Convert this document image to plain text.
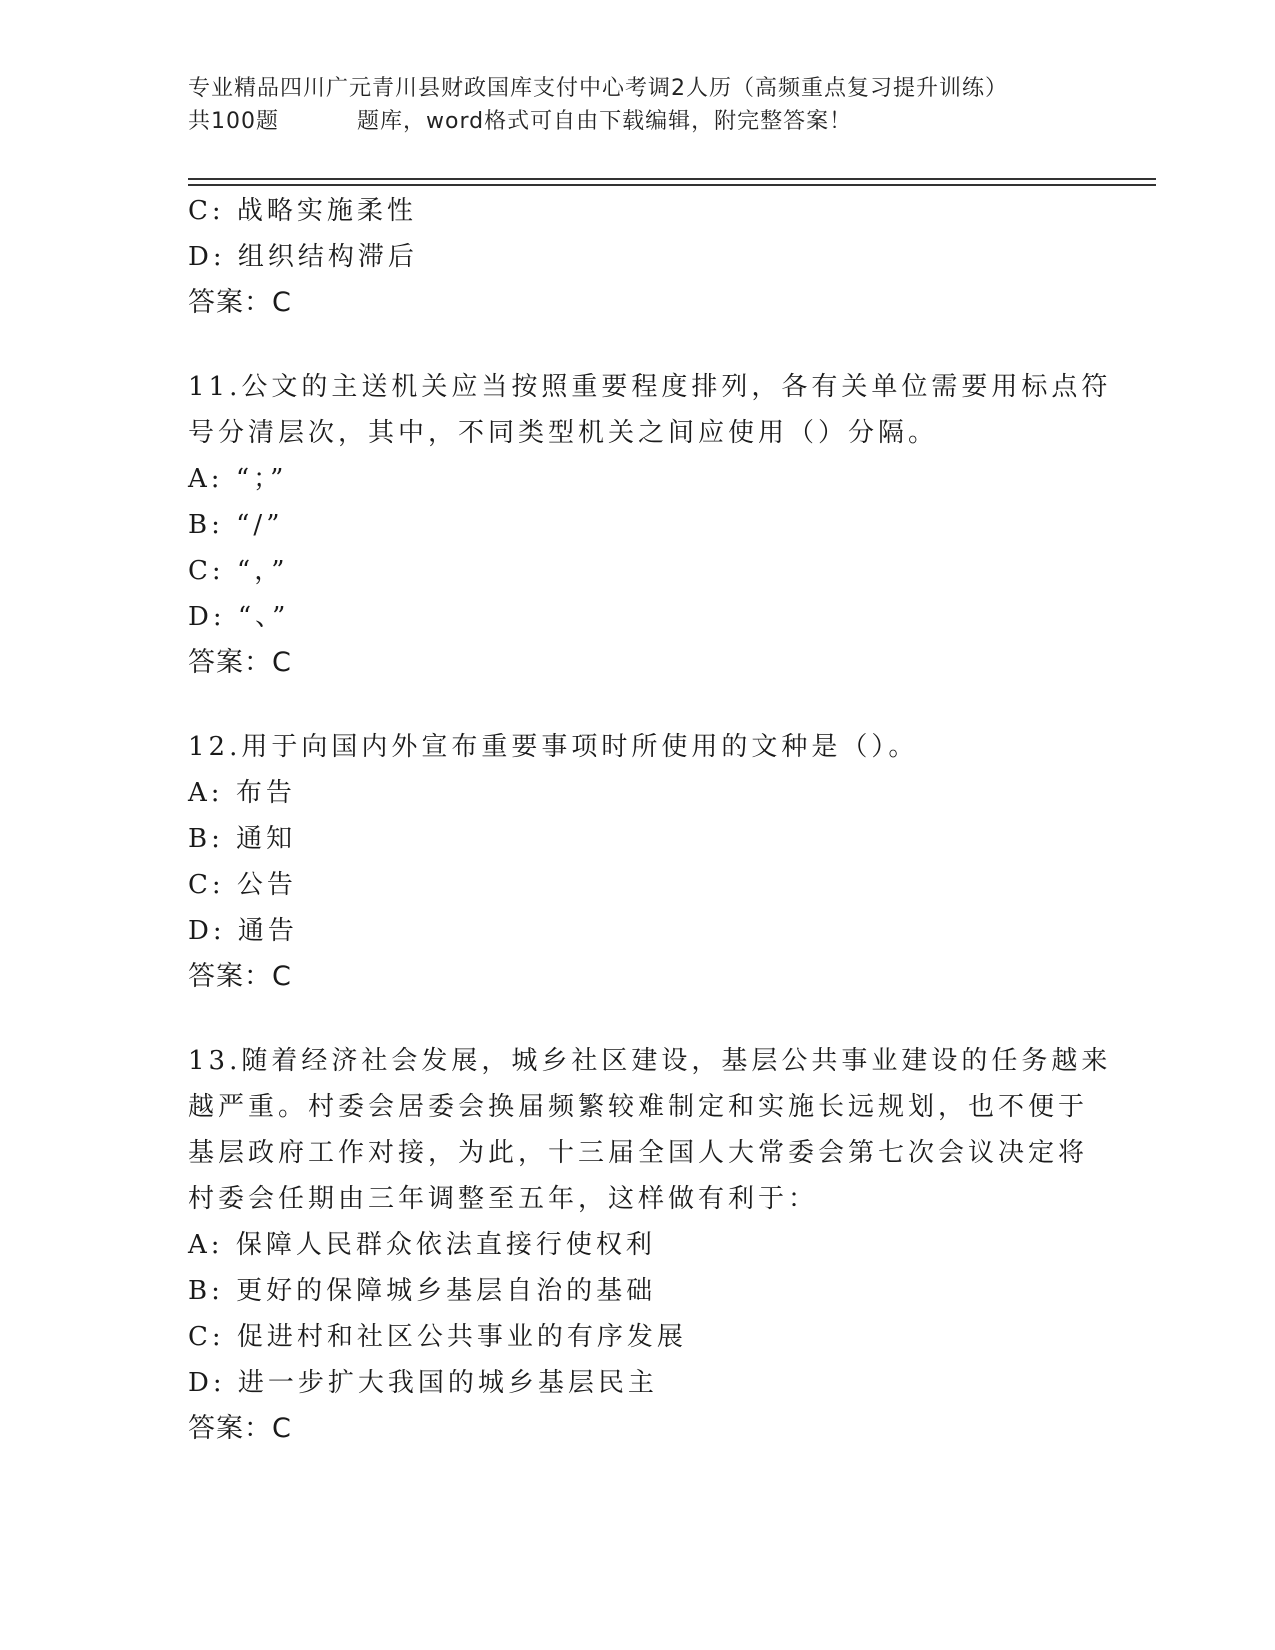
专业精品四川广元青川县财政国库支付中心考调2人历（高频重点复习提升训练）
共100题	题库，word格式可自由下载编辑，附完整答案！
C: 战略实施柔性
D: 组织结构滞后
答案：C
11.公文的主送机关应当按照重要程度排列，各有关单位需要用标点符
号分清层次，其中，不同类型机关之间应使用（）分隔。
A: “；”
B: “/”
C: “，”
D: “、”
答案：C
12.用于向国内外宣布重要事项时所使用的文种是（）。
A: 布告
B: 通知
C: 公告
D: 通告
答案：C
13.随着经济社会发展，城乡社区建设，基层公共事业建设的任务越来
越严重。村委会居委会换届频繁较难制定和实施长远规划，也不便于
基层政府工作对接，为此，十三届全国人大常委会第七次会议决定将
村委会任期由三年调整至五年，这样做有利于：
A: 保障人民群众依法直接行使权利
B: 更好的保障城乡基层自治的基础
C: 促进村和社区公共事业的有序发展
D: 进一步扩大我国的城乡基层民主
答案：C
